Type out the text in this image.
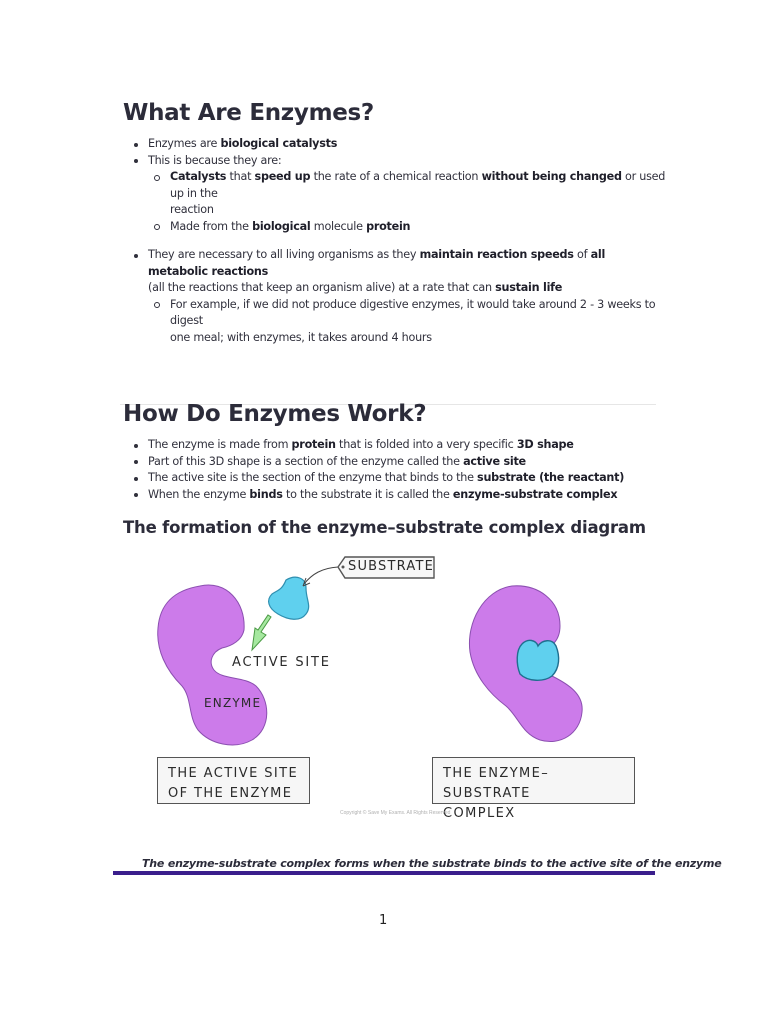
What Are Enzymes?
Enzymes are biological catalysts
This is because they are:
Catalysts that speed up the rate of a chemical reaction without being changed or used up in the
reaction
Made from the biological molecule protein
They are necessary to all living organisms as they maintain reaction speeds of all metabolic reactions
(all the reactions that keep an organism alive) at a rate that can sustain life
For example, if we did not produce digestive enzymes, it would take around 2 - 3 weeks to digest
one meal; with enzymes, it takes around 4 hours
How Do Enzymes Work?
The enzyme is made from protein that is folded into a very specific 3D shape
Part of this 3D shape is a section of the enzyme called the active site
The active site is the section of the enzyme that binds to the substrate (the reactant)
When the enzyme binds to the substrate it is called the enzyme-substrate complex
The formation of the enzyme–substrate complex diagram
SUBSTRATE
ACTIVE SITE
ENZYME
THE ACTIVE SITE
OF THE ENZYME
THE ENZYME–SUBSTRATE
COMPLEX
Copyright © Save My Exams. All Rights Reserved
The enzyme-substrate complex forms when the substrate binds to the active site of the enzyme
1
